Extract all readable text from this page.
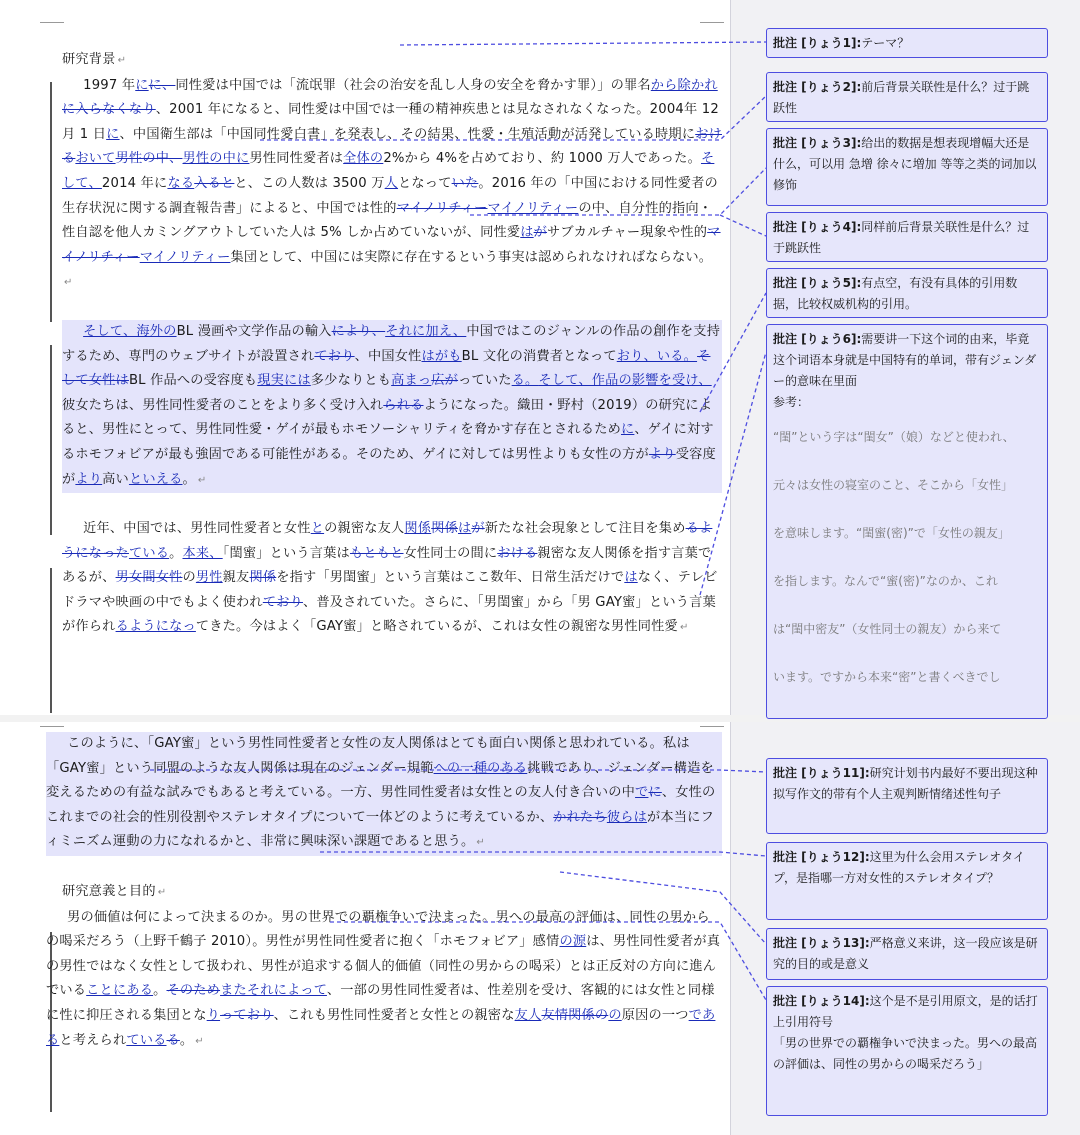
研究背景 ↵

1997 年にに、同性愛は中国では「流氓罪（社会の治安を乱し人身の安全を脅かす罪）」の罪名から除かれに入らなくなり、2001 年になると、同性愛は中国では一種の精神疾患とは見なされなくなった。2004年 12 月 1 日に、中国衛生部は「中国同性愛白書」を発表し、その結果、性愛・生殖活動が活発している時期におけるおいて男性の中、男性の中に男性同性愛者は全体の2%から 4%を占めており、約 1000 万人であった。そして、2014 年になる入るとと、この人数は 3500 万人となっていた。2016 年の「中国における同性愛者の生存状況に関する調査報告書」によると、中国では性的マイノリチィーマイノリティーの中、自分性的指向・性自認を他人カミングアウトしていた人は 5% しか占めていないが、同性愛はがサブカルチャー現象や性的マイノリチィーマイノリティー集団として、中国には実際に存在するという事実は認められなければならない。↵

そして、海外のBL 漫画や文学作品の輸入により、それに加え、中国ではこのジャンルの作品の創作を支持するため、専門のウェブサイトが設置されており、中国女性はがもBL 文化の消費者となっており、いる。そして女性はBL 作品への受容度も現実には多少なりとも高まっ広がっていたる。そして、作品の影響を受け、彼女たちは、男性同性愛者のことをより多く受け入れられるようになった。織田・野村（2019）の研究によると、男性にとって、男性同性愛・ゲイが最もホモソーシャリティを脅かす存在とされるために、ゲイに対するホモフォビアが最も強固である可能性がある。そのため、ゲイに対しては男性よりも女性の方がより受容度がより高いといえる。 ↵

近年、中国では、男性同性愛者と女性との親密な友人関係関係はが新たな社会現象として注目を集めるようになったている。本来、「閨蜜」という言葉はもともと女性同士の間における親密な友人関係を指す言葉であるが、男女間女性の男性親友関係を指す「男閨蜜」という言葉はここ数年、日常生活だけではなく、テレビドラマや映画の中でもよく使われており、普及されていた。さらに、「男閨蜜」から「男 GAY蜜」という言葉が作られるようになってきた。今はよく「GAY蜜」と略されているが、これは女性の親密な男性同性愛 ↵

批注 [りょう1]:テーマ？
批注 [りょう2]:前后背景关联性是什么？过于跳跃性
批注 [りょう3]:给出的数据是想表现增幅大还是什么，可以用 急增 徐々に増加 等等之类的词加以修饰
批注 [りょう4]:同样前后背景关联性是什么？过于跳跃性
批注 [りょう5]:有点空，有没有具体的引用数据，比较权威机构的引用。
批注 [りょう6]:需要讲一下这个词的由来，毕竟这个词语本身就是中国特有的单词，带有ジェンダー的意味在里面
参考：
“閨”という字は“閨女”（娘）などと使われ、
元々は女性の寝室のこと、そこから「女性」
を意味します。“閨蜜(密)”で「女性の親友」
を指します。なんで“蜜(密)”なのか、これ
は“閨中密友”（女性同士の親友）から来て
います。ですから本来“密”と書くべきでし

このように、「GAY蜜」という男性同性愛者と女性の友人関係はとても面白い関係と思われている。私は「GAY蜜」という同盟のような友人関係は現在のジェンダー規範への一種のある挑戦であり、ジェンダー構造を変えるための有益な試みでもあると考えている。一方、男性同性愛者は女性との友人付き合いの中でに、女性のこれまでの社会的性別役割やステレオタイプについて一体どのように考えているか、かれたち彼らはが本当にフィミニズム運動の力になれるかと、非常に興味深い課題であると思う。 ↵

研究意義と目的 ↵

男の価値は何によって決まるのか。男の世界での覇権争いで決まった。男への最高の評価は、同性の男からの喝采だろう（上野千鶴子 2010）。男性が男性同性愛者に抱く「ホモフォビア」感情の源は、男性同性愛者が真の男性ではなく女性として扱われ、男性が追求する個人的価値（同性の男からの喝采）とは正反対の方向に進んでいることにある。そのためまたそれによって、一部の男性同性愛者は、性差別を受け、客観的には女性と同様に性に抑圧される集団となりっており、これも男性同性愛者と女性との親密な友人友情関係のの原因の一つであると考えられているる。 ↵

批注 [りょう11]:研究计划书内最好不要出现这种拟写作文的带有个人主观判断情绪述性句子
批注 [りょう12]:这里为什么会用ステレオタイプ，是指哪一方对女性的ステレオタイプ？
批注 [りょう13]:严格意义来讲，这一段应该是研究的目的或是意义
批注 [りょう14]:这个是不是引用原文，是的话打上引用符号
「男の世界での覇権争いで決まった。男への最高の評価は、同性の男からの喝采だろう」
